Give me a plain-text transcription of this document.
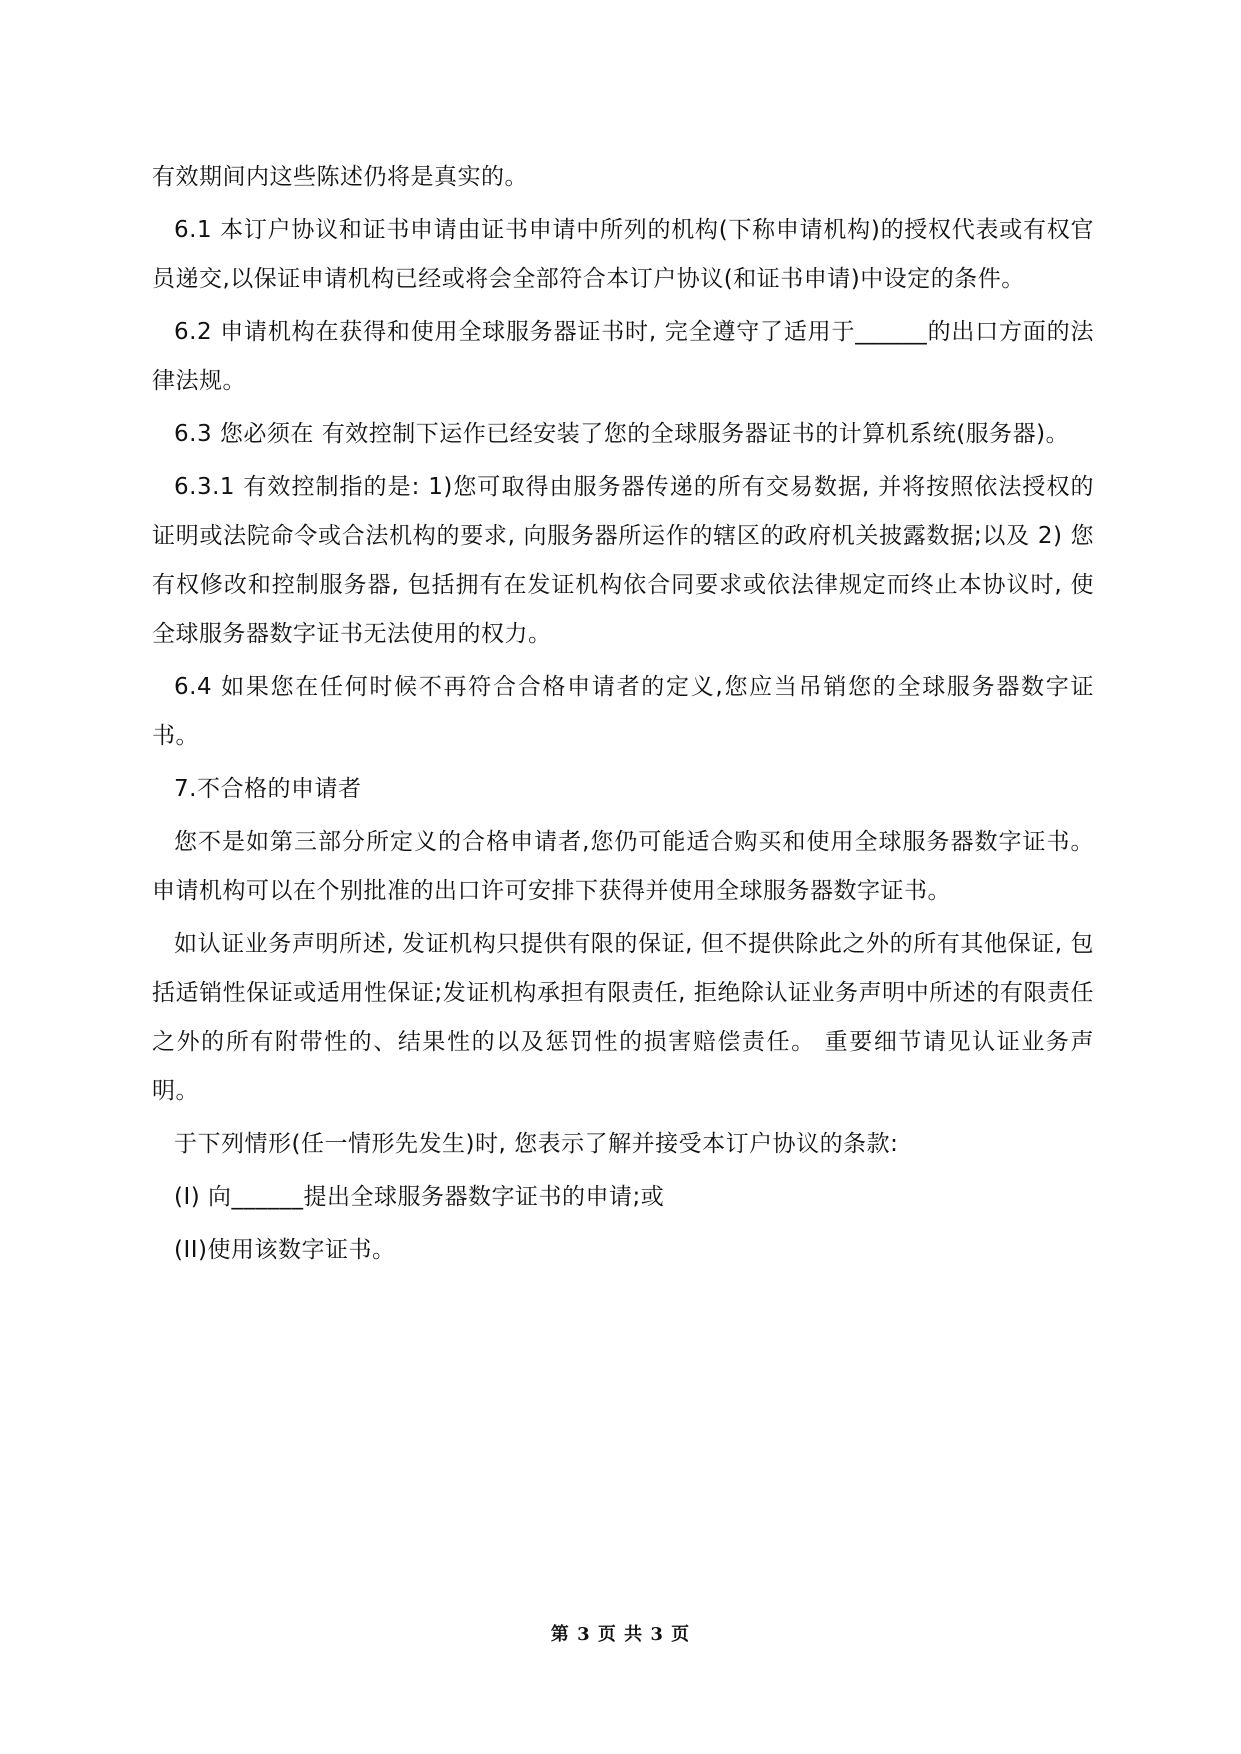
有效期间内这些陈述仍将是真实的。

6.1 本订户协议和证书申请由证书申请中所列的机构(下称申请机构)的授权代表或有权官员递交,以保证申请机构已经或将会全部符合本订户协议(和证书申请)中设定的条件。

6.2 申请机构在获得和使用全球服务器证书时, 完全遵守了适用于______的出口方面的法律法规。

6.3 您必须在 有效控制下运作已经安装了您的全球服务器证书的计算机系统(服务器)。

6.3.1 有效控制指的是: 1)您可取得由服务器传递的所有交易数据, 并将按照依法授权的证明或法院命令或合法机构的要求, 向服务器所运作的辖区的政府机关披露数据;以及 2) 您有权修改和控制服务器, 包括拥有在发证机构依合同要求或依法律规定而终止本协议时, 使全球服务器数字证书无法使用的权力。

6.4 如果您在任何时候不再符合合格申请者的定义,您应当吊销您的全球服务器数字证书。

7.不合格的申请者

您不是如第三部分所定义的合格申请者,您仍可能适合购买和使用全球服务器数字证书。申请机构可以在个别批准的出口许可安排下获得并使用全球服务器数字证书。

如认证业务声明所述, 发证机构只提供有限的保证, 但不提供除此之外的所有其他保证, 包括适销性保证或适用性保证;发证机构承担有限责任, 拒绝除认证业务声明中所述的有限责任之外的所有附带性的、结果性的以及惩罚性的损害赔偿责任。 重要细节请见认证业务声明。

于下列情形(任一情形先发生)时, 您表示了解并接受本订户协议的条款:

(I) 向______提出全球服务器数字证书的申请;或

(II)使用该数字证书。

第 3 页 共 3 页
